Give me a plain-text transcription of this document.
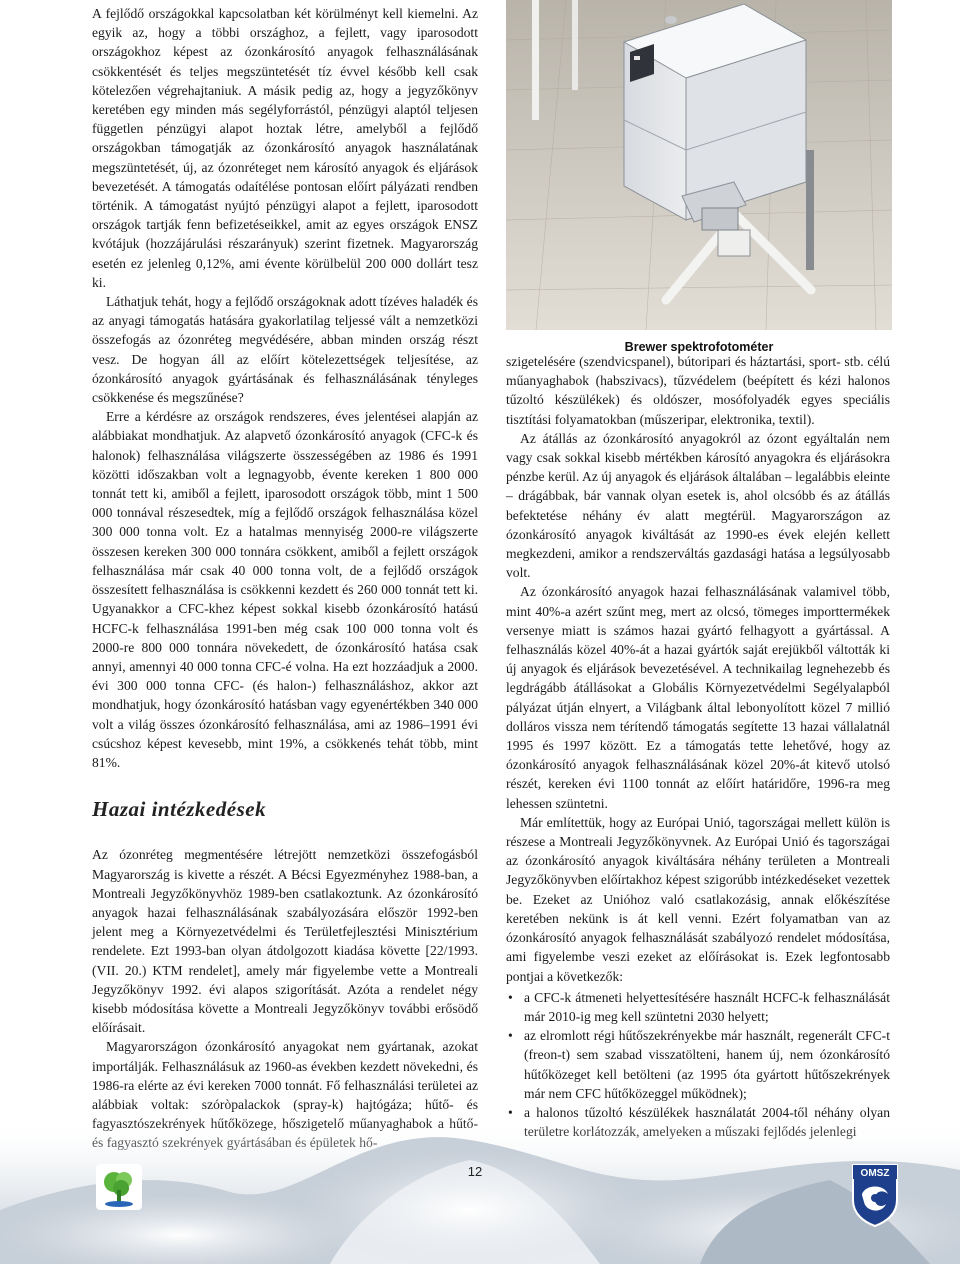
A fejlődő országokkal kapcsolatban két körülményt kell kiemelni. Az egyik az, hogy a többi országhoz, a fejlett, vagy iparosodott országokhoz képest az ózonkárosító anyagok felhasználásának csökkentését és teljes megszüntetését tíz évvel később kell csak kötelezően végrehajtaniuk. A másik pedig az, hogy a jegyzőkönyv keretében egy minden más segélyforrástól, pénzügyi alaptól teljesen független pénzügyi alapot hoztak létre, amelyből a fejlődő országokban támogatják az ózonkárosító anyagok használatának megszüntetését, új, az ózonréteget nem károsító anyagok és eljárások bevezetését. A támogatás odaítélése pontosan előírt pályázati rendben történik. A támogatást nyújtó pénzügyi alapot a fejlett, iparosodott országok tartják fenn befizetéseikkel, amit az egyes országok ENSZ kvótájuk (hozzájárulási részarányuk) szerint fizetnek. Magyarország esetén ez jelenleg 0,12%, ami évente körülbelül 200 000 dollárt tesz ki.

Láthatjuk tehát, hogy a fejlődő országoknak adott tízéves haladék és az anyagi támogatás hatására gyakorlatilag teljessé vált a nemzetközi összefogás az ózonréteg megvédésére, abban minden ország részt vesz. De hogyan áll az előírt kötelezettségek teljesítése, az ózonkárosító anyagok gyártásának és felhasználásának tényleges csökkenése és megszűnése?

Erre a kérdésre az országok rendszeres, éves jelentései alapján az alábbiakat mondhatjuk. Az alapvető ózonkárosító anyagok (CFC-k és halonok) felhasználása világszerte összességében az 1986 és 1991 közötti időszakban volt a legnagyobb, évente kereken 1 800 000 tonnát tett ki, amiből a fejlett, iparosodott országok több, mint 1 500 000 tonnával részesedtek, míg a fejlődő országok felhasználása közel 300 000 tonna volt. Ez a hatalmas mennyiség 2000-re világszerte összesen kereken 300 000 tonnára csökkent, amiből a fejlett országok felhasználása már csak 40 000 tonna volt, de a fejlődő országok összesített felhasználása is csökkenni kezdett és 260 000 tonnát tett ki. Ugyanakkor a CFC-khez képest sokkal kisebb ózonkárosító hatású HCFC-k felhasználása 1991-ben még csak 100 000 tonna volt és 2000-re 800 000 tonnára növekedett, de ózonkárosító hatása csak annyi, amennyi 40 000 tonna CFC-é volna. Ha ezt hozzáadjuk a 2000. évi 300 000 tonna CFC- (és halon-) felhasználáshoz, akkor azt mondhatjuk, hogy ózonkárosító hatásban vagy egyenértékben 340 000 volt a világ összes ózonkárosító felhasználása, ami az 1986–1991 évi csúcshoz képest kevesebb, mint 19%, a csökkenés tehát több, mint 81%.

Hazai intézkedések

Az ózonréteg megmentésére létrejött nemzetközi összefogásból Magyarország is kivette a részét. A Bécsi Egyezményhez 1988-ban, a Montreali Jegyzőkönyvhöz 1989-ben csatlakoztunk. Az ózonkárosító anyagok hazai felhasználásának szabályozására először 1992-ben jelent meg a Környezetvédelmi és Területfejlesztési Minisztérium rendelete. Ezt 1993-ban olyan átdolgozott kiadása követte [22/1993. (VII. 20.) KTM rendelet], amely már figyelembe vette a Montreali Jegyzőkönyv 1992. évi alapos szigorítását. Azóta a rendelet négy kisebb módosítása követte a Montreali Jegyzőkönyv további erősödő előírásait.

Magyarországon ózonkárosító anyagokat nem gyártanak, azokat importálják. Felhasználásuk az 1960-as években kezdett növekedni, és 1986-ra elérte az évi kereken 7000 tonnát. Fő felhasználási területei az alábbiak voltak: szóròpalackok (spray-k) hajtógáza; hűtő- és

Brewer spektrofotométer

szigetelésére (szendvicspanel), bútoripari és háztartási, sport- stb. célú műanyaghabok (habszivacs), tűzvédelem (beépített és kézi halonos tűzoltó készülékek) és oldószer, mosófolyadék egyes speciális tisztítási folyamatokban (műszeripar, elektronika, textil).

Az átállás az ózonkárosító anyagokról az ózont egyáltalán nem vagy csak sokkal kisebb mértékben károsító anyagokra és eljárásokra pénzbe kerül. Az új anyagok és eljárások általában – legalábbis eleinte – drágábbak, bár vannak olyan esetek is, ahol olcsóbb és az átállás befektetése néhány év alatt megtérül. Magyarországon az ózonkárosító anyagok kiváltását az 1990-es évek elején kellett megkezdeni, amikor a rendszerváltás gazdasági hatása a legsúlyosabb volt.

Az ózonkárosító anyagok hazai felhasználásának valamivel több, mint 40%-a azért szűnt meg, mert az olcsó, tömeges importtermékek versenye miatt is számos hazai gyártó felhagyott a gyártással. A felhasználás közel 40%-át a hazai gyártók saját erejükből váltották ki új anyagok és eljárások bevezetésével. A technikailag legnehezebb és legdrágább átállásokat a Globális Környezetvédelmi Segélyalapból pályázat útján elnyert, a Világbank által lebonyolított közel 7 millió dolláros vissza nem térítendő támogatás segítette 13 hazai vállalatnál 1995 és 1997 között. Ez a támogatás tette lehetővé, hogy az ózonkárosító anyagok felhasználásának közel 20%-át kitevő utolsó részét, kereken évi 1100 tonnát az előírt határidőre, 1996-ra meg lehessen szüntetni.

Már említettük, hogy az Európai Unió, tagországai mellett külön is részese a Montreali Jegyzőkönyvnek. Az Európai Unió és tagországai az ózonkárosító anyagok kiváltására néhány területen a Montreali Jegyzőkönyvben előírtakhoz képest szigorúbb intézkedéseket vezettek be. Ezeket az Unióhoz való csatlakozásig, annak előkészítése keretében nekünk is át kell venni. Ezért folyamatban van az ózonkárosító anyagok felhasználását szabályozó rendelet módosítása, ami figyelembe veszi ezeket az előírásokat is. Ezek legfontosabb pontjai a következők:

• a CFC-k átmeneti helyettesítésére használt HCFC-k felhasználását már 2010-ig meg kell szüntetni 2030 helyett;
• az elromlott régi hűtőszekrényekbe már használt, regenerált CFC-t (freon-t) sem szabad visszatölteni, hanem új, nem ózonkárosító hűtőközeget kell betölteni (az 1995 óta gyártott hűtőszekrények már nem CFC hűtőközeggel működnek);
• a halonos tűzoltó készülékek használatát 2004-től néhány olyan
12	OMSZ
